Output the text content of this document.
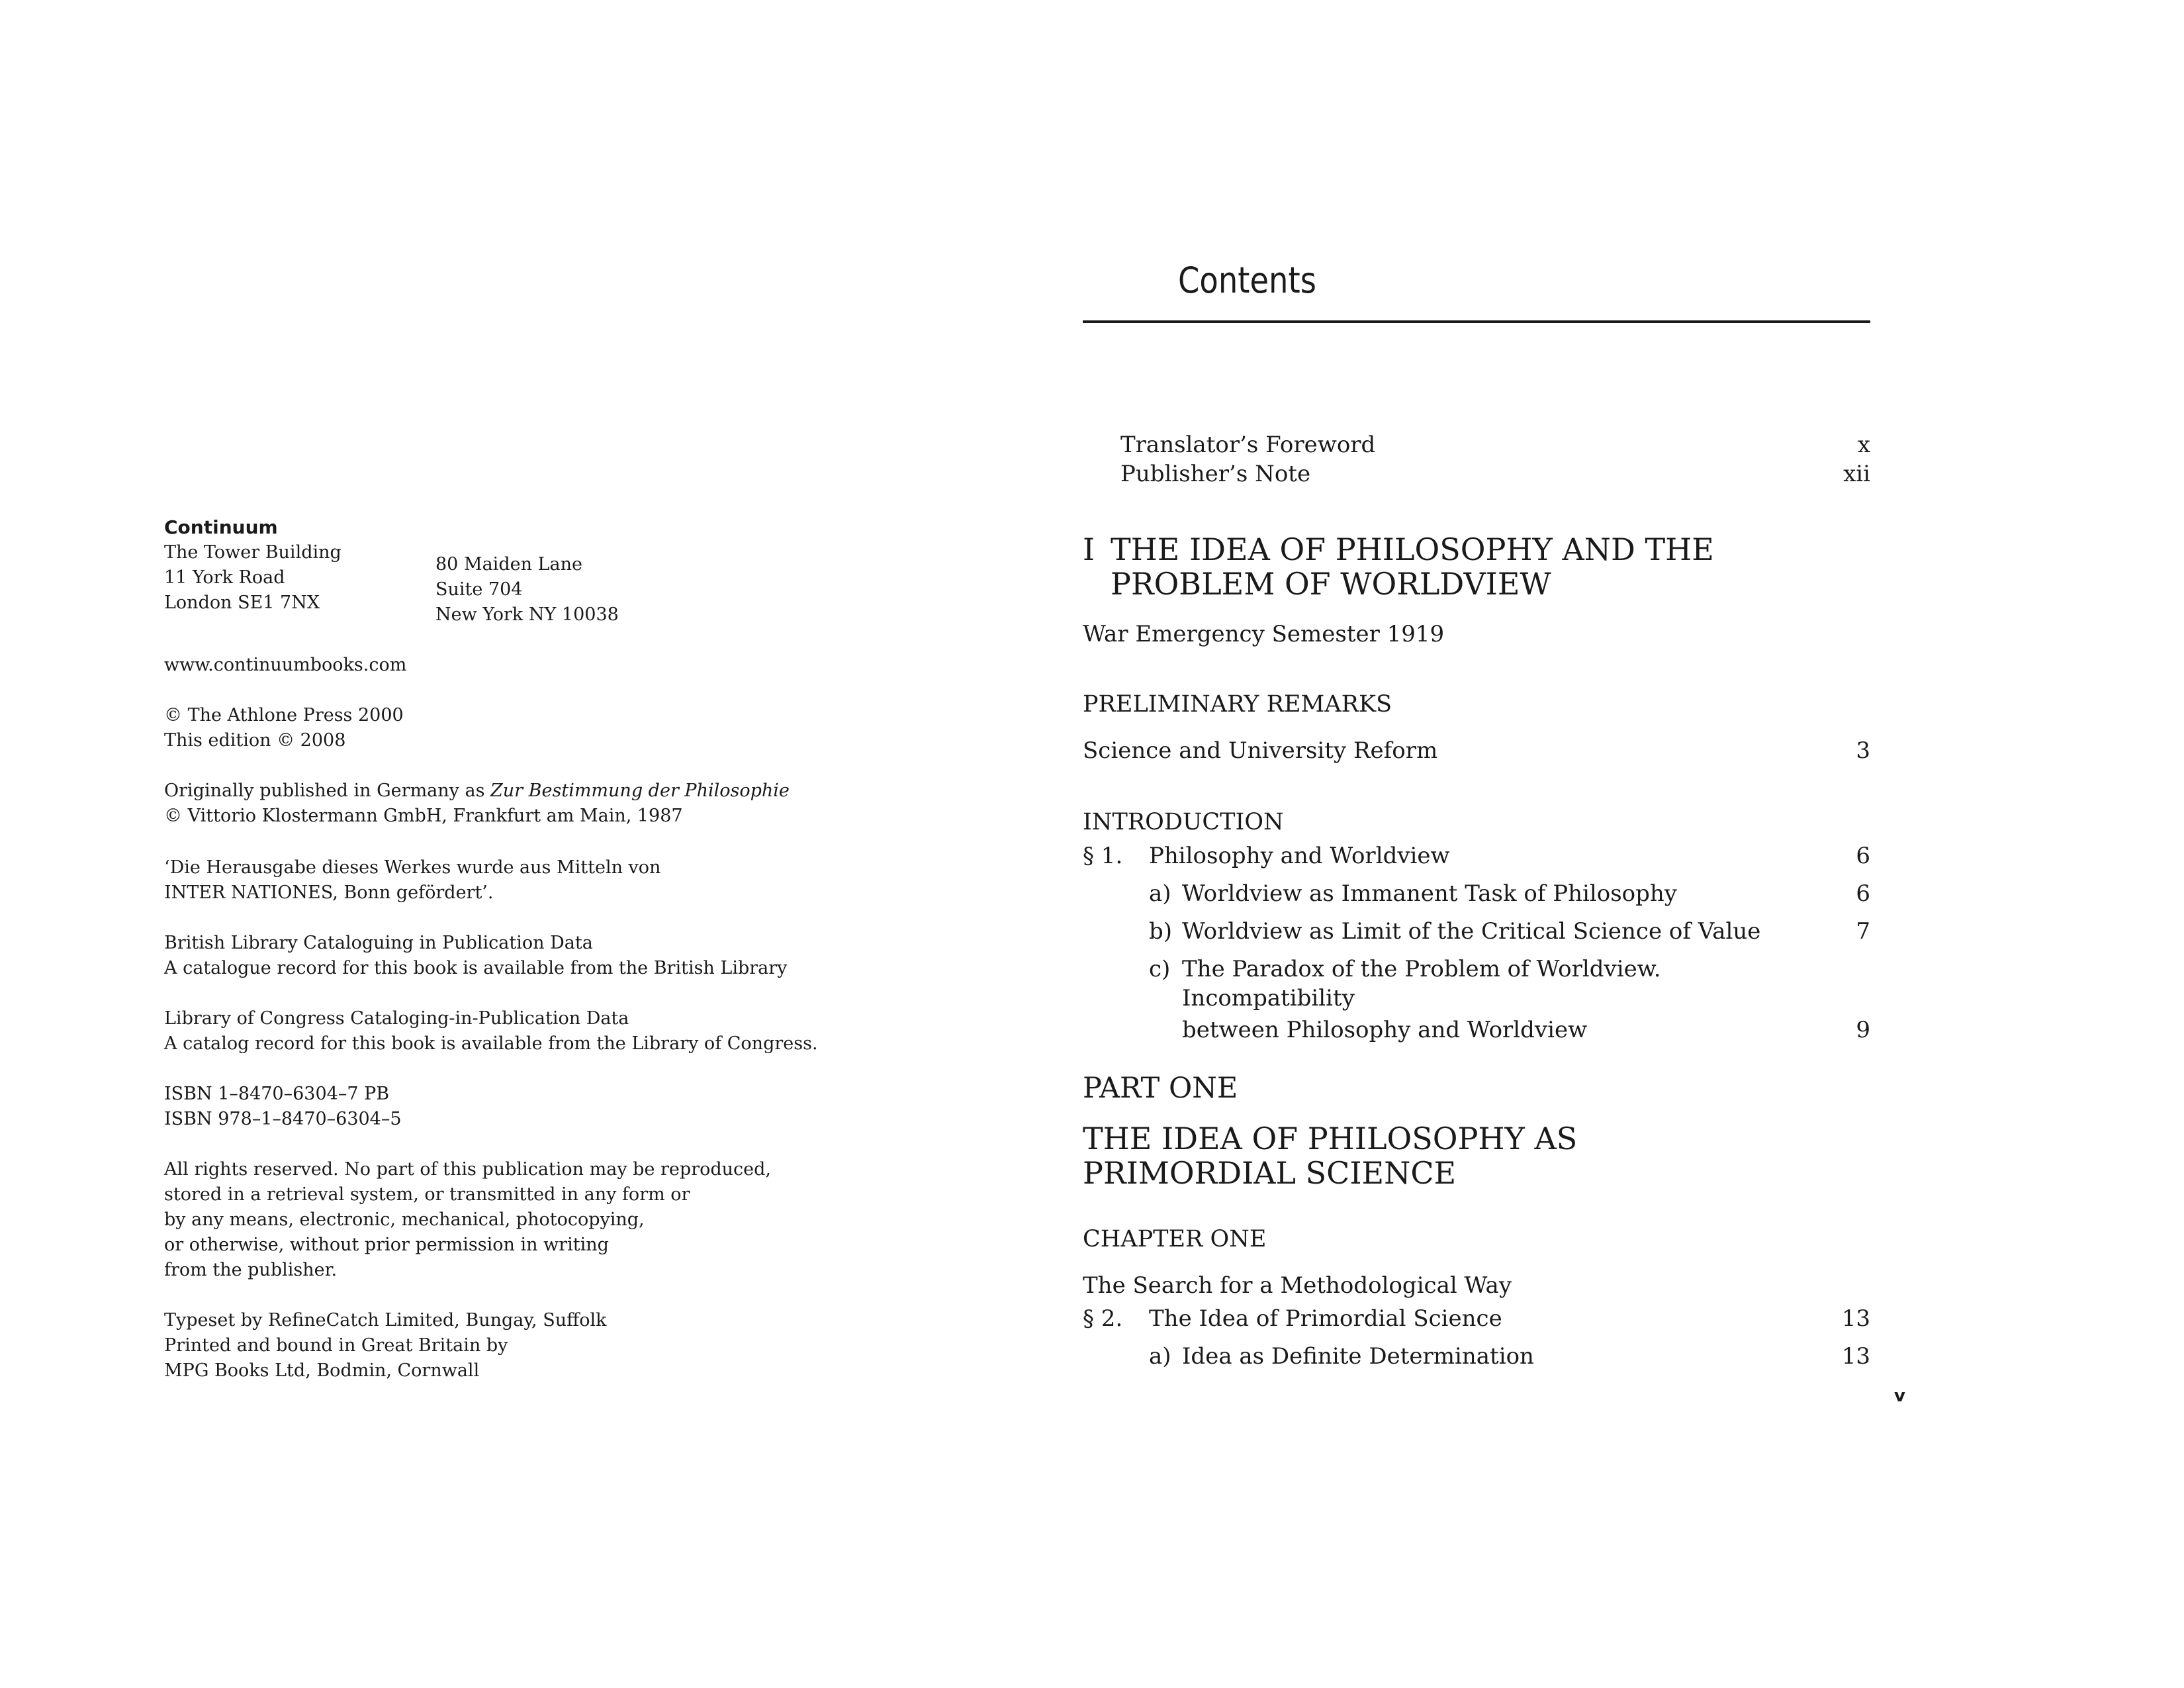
Continuum
The Tower Building
11 York Road
London SE1 7NX
80 Maiden Lane
Suite 704
New York NY 10038
www.continuumbooks.com
© The Athlone Press 2000
This edition © 2008
Originally published in Germany as Zur Bestimmung der Philosophie
© Vittorio Klostermann GmbH, Frankfurt am Main, 1987
‘Die Herausgabe dieses Werkes wurde aus Mitteln von
INTER NATIONES, Bonn gefördert’.
British Library Cataloguing in Publication Data
A catalogue record for this book is available from the British Library
Library of Congress Cataloging-in-Publication Data
A catalog record for this book is available from the Library of Congress.
ISBN 1–8470–6304–7 PB
ISBN 978–1–8470–6304–5
All rights reserved. No part of this publication may be reproduced,
stored in a retrieval system, or transmitted in any form or
by any means, electronic, mechanical, photocopying,
or otherwise, without prior permission in writing
from the publisher.
Typeset by RefineCatch Limited, Bungay, Suffolk
Printed and bound in Great Britain by
MPG Books Ltd, Bodmin, Cornwall
Contents
Translator’s Foreword	x
Publisher’s Note	xii
I THE IDEA OF PHILOSOPHY AND THE
PROBLEM OF WORLDVIEW
War Emergency Semester 1919
PRELIMINARY REMARKS
Science and University Reform	3
INTRODUCTION
§ 1.	Philosophy and Worldview	6
a) Worldview as Immanent Task of Philosophy	6
b) Worldview as Limit of the Critical Science of Value	7
c) The Paradox of the Problem of Worldview. Incompatibility
between Philosophy and Worldview	9
PART ONE
THE IDEA OF PHILOSOPHY AS
PRIMORDIAL SCIENCE
CHAPTER ONE
The Search for a Methodological Way
§ 2.	The Idea of Primordial Science	13
a) Idea as Definite Determination	13
v
